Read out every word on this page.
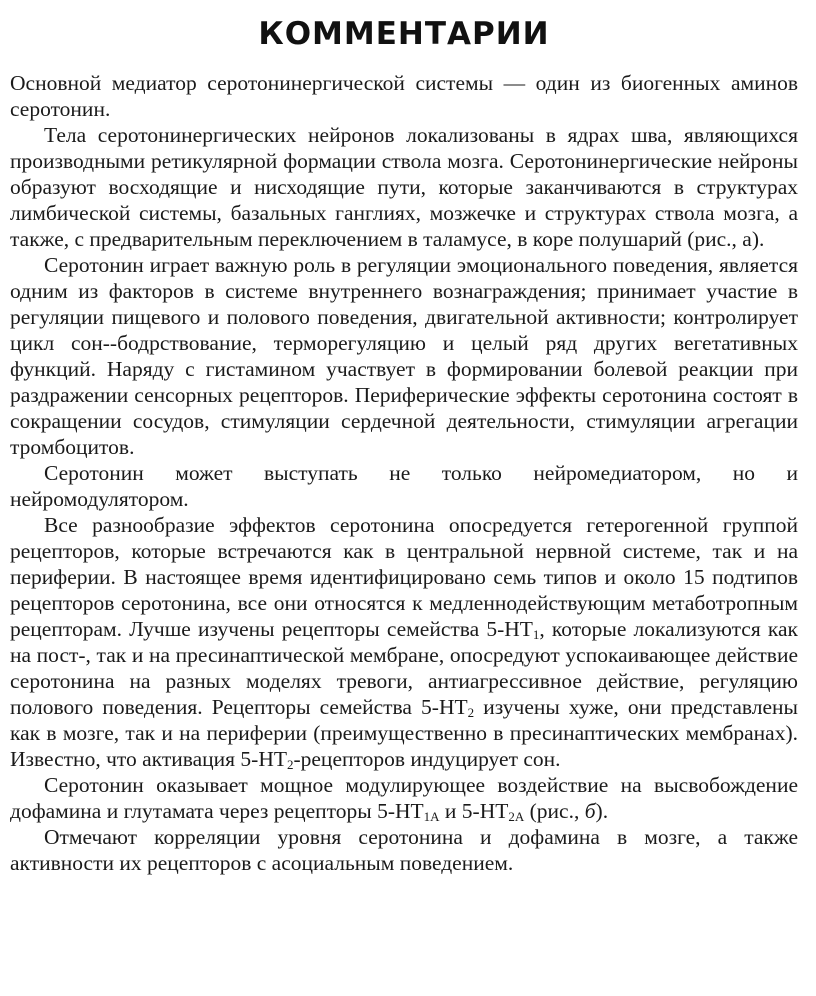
КОММЕНТАРИИ

Основной медиатор серотонинергической системы — один из биогенных аминов серотонин.

Тела серотонинергических нейронов локализованы в ядрах шва, являющихся производными ретикулярной формации ствола мозга. Серотонинергические нейроны образуют восходящие и нисходящие пути, которые заканчиваются в структурах лимбической системы, базальных ганглиях, мозжечке и структурах ствола мозга, а также, с предварительным переключением в таламусе, в коре полушарий (рис., а).

Серотонин играет важную роль в регуляции эмоционального поведения, является одним из факторов в системе внутреннего вознаграждения; принимает участие в регуляции пищевого и полового поведения, двигательной активности; контролирует цикл сон--бодрствование, терморегуляцию и целый ряд других вегетативных функций. Наряду с гистамином участвует в формировании болевой реакции при раздражении сенсорных рецепторов. Периферические эффекты серотонина состоят в сокращении сосудов, стимуляции сердечной деятельности, стимуляции агрегации тромбоцитов.

Серотонин может выступать не только нейромедиатором, но и нейромодулятором.

Все разнообразие эффектов серотонина опосредуется гетерогенной группой рецепторов, которые встречаются как в центральной нервной системе, так и на периферии. В настоящее время идентифицировано семь типов и около 15 подтипов рецепторов серотонина, все они относятся к медленнодействующим метаботропным рецепторам. Лучше изучены рецепторы семейства $5-HT_1$, которые локализуются как на пост-, так и на пресинаптической мембране, опосредуют успокаивающее действие серотонина на разных моделях тревоги, антиагрессивное действие, регуляцию полового поведения. Рецепторы семейства $5-HT_2$ изучены хуже, они представлены как в мозге, так и на периферии (преимущественно в пресинаптических мембранах). Известно, что активация $5-HT_2$-рецепторов индуцирует сон.

Серотонин оказывает мощное модулирующее воздействие на высвобождение дофамина и глутамата через рецепторы $5-HT_{1A}$ и $5-HT_{2A}$ (рис., б).

Отмечают корреляции уровня серотонина и дофамина в мозге, а также активности их рецепторов с асоциальным поведением.
